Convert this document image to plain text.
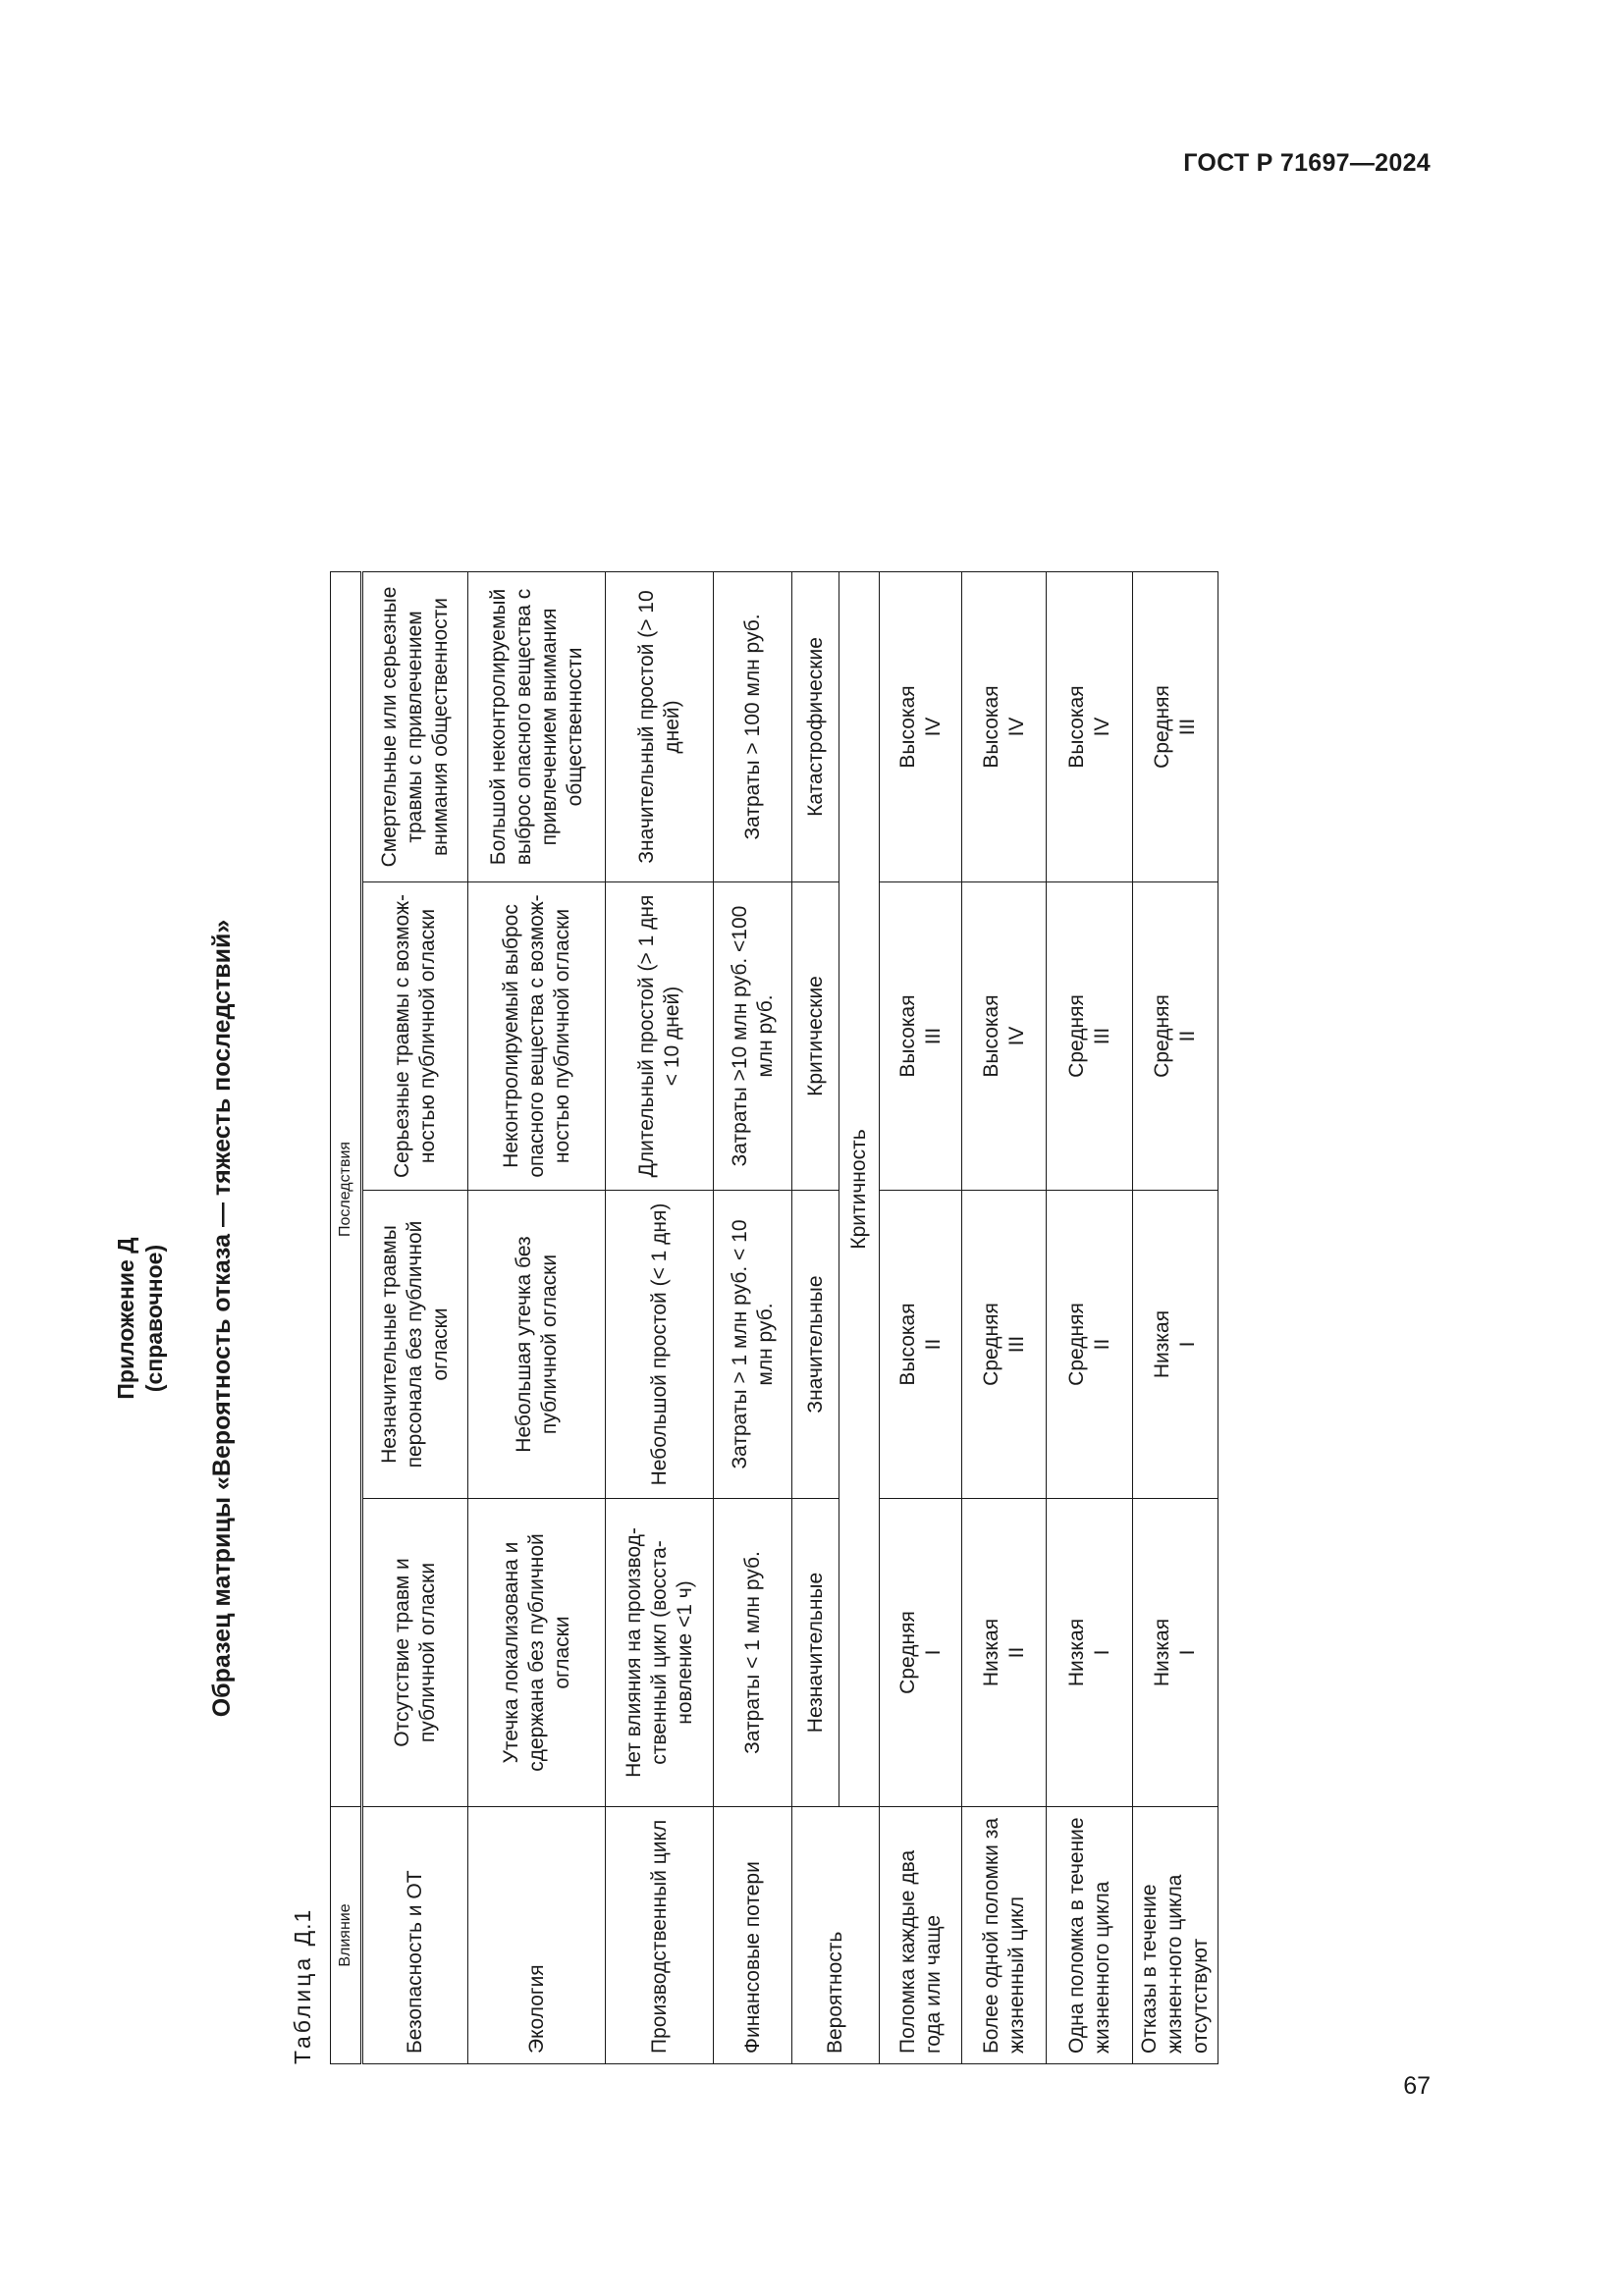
ГОСТ Р 71697—2024
67
Приложение Д (справочное) Образец матрицы «Вероятность отказа — тяжесть последствий»
Таблица Д.1 Влияние	Последствия			
Безопасность и ОТ	Отсутствие травм и публичной огласки	Незначительные травмы персонала без публичной огласки	Серьезные травмы с возмож-ностью публичной огласки	Смертельные или серьезные травмы с привлечением внимания общественности
Экология	Утечка локализована и сдержана без публичной огласки	Небольшая утечка без публичной огласки	Неконтролируемый выброс опасного вещества с возмож-ностью публичной огласки	Большой неконтролируемый выброс опасного вещества с привлечением внимания общественности
Производственный цикл	Нет влияния на производ-ственный цикл (восста-новление <1 ч)	Небольшой простой (< 1 дня)	Длительный простой (> 1 дня < 10 дней)	Значительный простой (> 10 дней)
Финансовые потери	Затраты < 1 млн руб.	Затраты > 1 млн руб. < 10 млн руб.	Затраты >10 млн руб. <100 млн руб.	Затраты > 100 млн руб.
Вероятность	Незначительные	Значительные	Критические	Катастрофические
	Критичность			
Поломка каждые два года или чаще	Средняя I	Высокая II	Высокая III	Высокая IV

Более одной поломки за жизненный цикл	Низкая II	Средняя III	Высокая IV	Высокая IV

Одна поломка в течение жизненного цикла	Низкая I	Средняя II	Средняя III	Высокая IV

Отказы в течение жизнен-ного цикла отсутствуют	Низкая I	Низкая I	Средняя II	Средняя III
